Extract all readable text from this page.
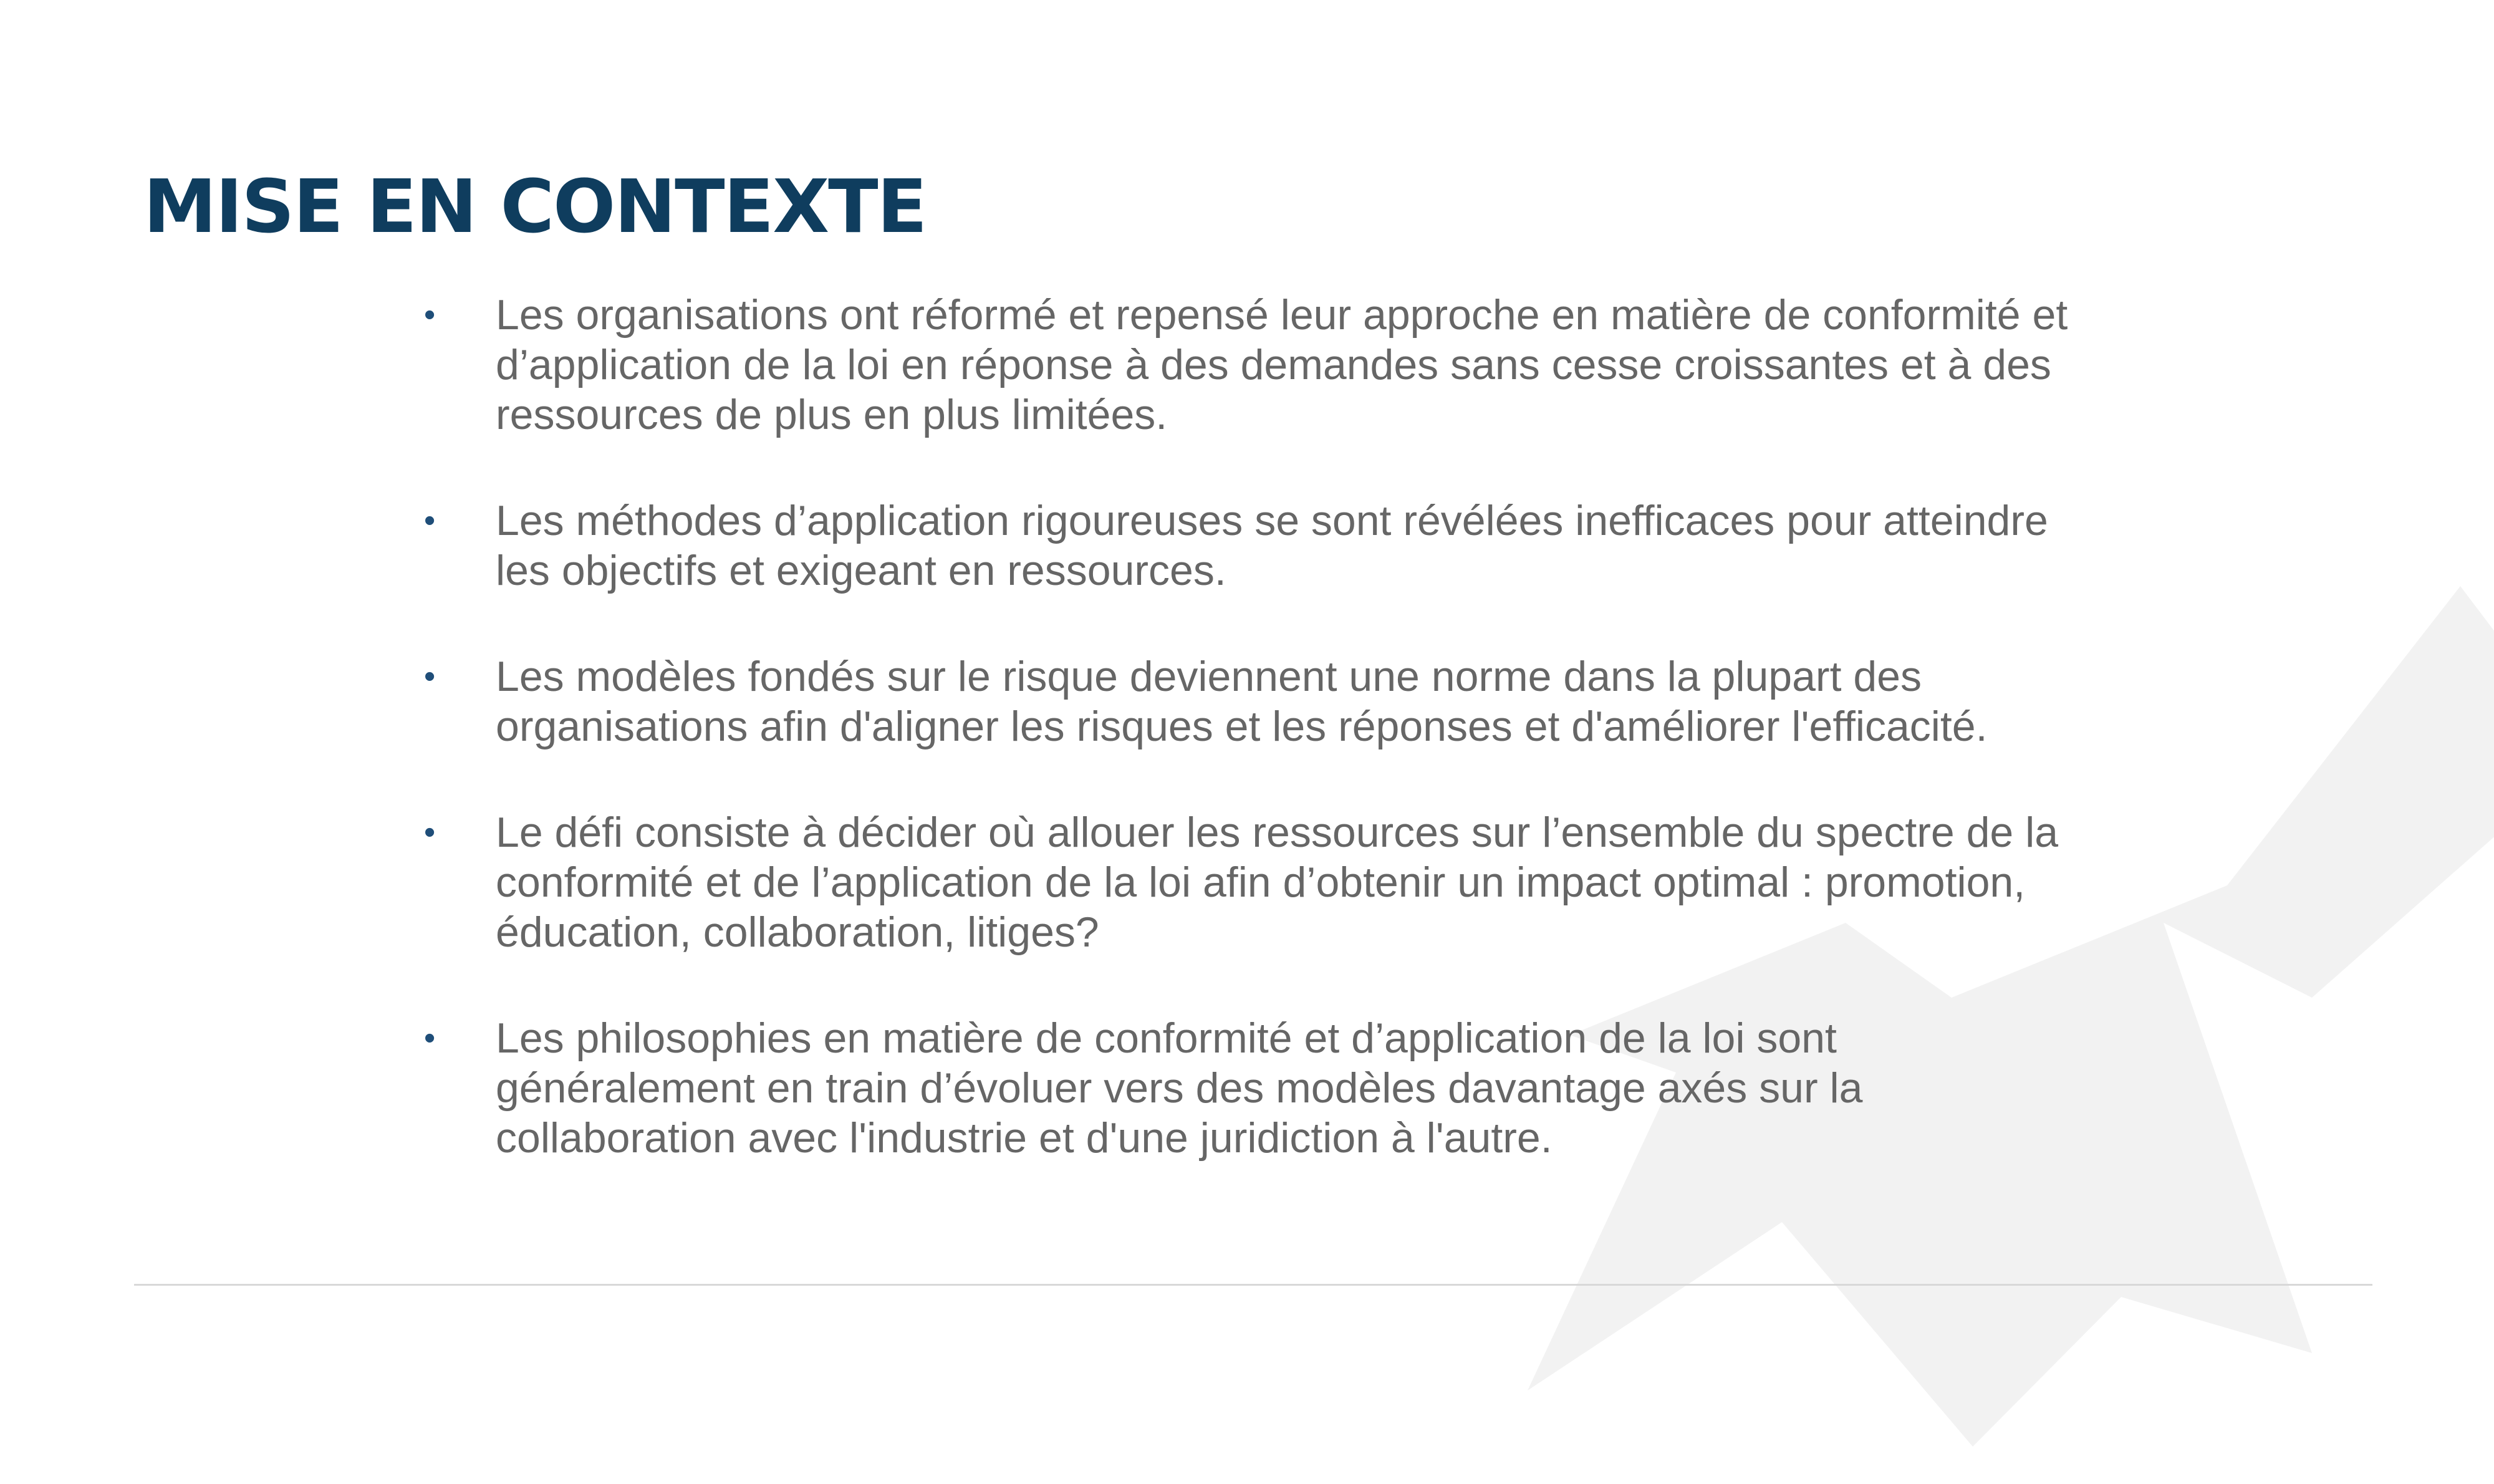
MISE EN CONTEXTE
•	Les organisations ont réformé et repensé leur approche en matière de conformité et d’application de la loi en réponse à des demandes sans cesse croissantes et à des ressources de plus en plus limitées.
•	Les méthodes d’application rigoureuses se sont révélées inefficaces pour atteindre les objectifs et exigeant en ressources.
•	Les modèles fondés sur le risque deviennent une norme dans la plupart des organisations afin d'aligner les risques et les réponses et d'améliorer l'efficacité.
•	Le défi consiste à décider où allouer les ressources sur l’ensemble du spectre de la conformité et de l’application de la loi afin d’obtenir un impact optimal : promotion, éducation, collaboration, litiges?
•	Les philosophies en matière de conformité et d’application de la loi sont généralement en train d’évoluer vers des modèles davantage axés sur la collaboration avec l'industrie et d'une juridiction à l'autre.
